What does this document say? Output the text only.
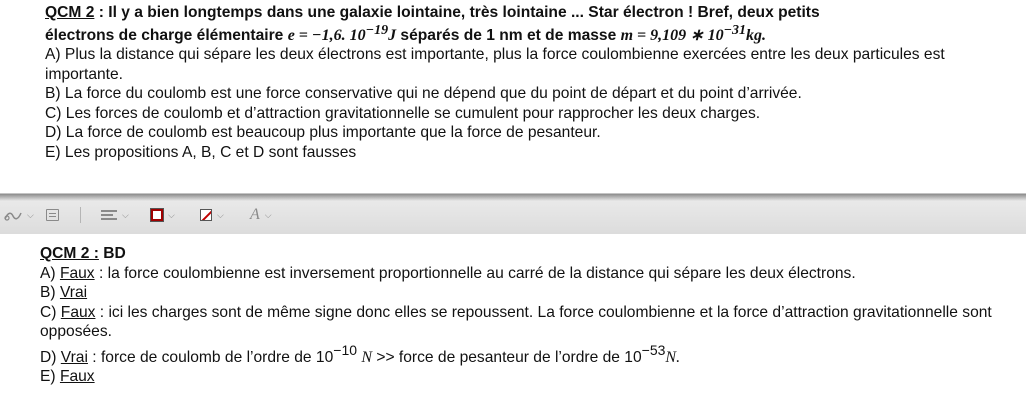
QCM 2 : Il y a bien longtemps dans une galaxie lointaine, très lointaine ... Star électron ! Bref, deux petits
électrons de charge élémentaire e = −1,6. $10^{-19}J$ séparés de 1 nm et de masse m = 9,109 ∗ $10^{-31}kg$.

A) Plus la distance qui sépare les deux électrons est importante, plus la force coulombienne exercées entre les deux particules est importante.

B) La force du coulomb est une force conservative qui ne dépend que du point de départ et du point d’arrivée.

C) Les forces de coulomb et d’attraction gravitationnelle se cumulent pour rapprocher les deux charges.

D) La force de coulomb est beaucoup plus importante que la force de pesanteur.

E) Les propositions A, B, C et D sont fausses

⌵	⌵	⌵	⌵ A ⌵
QCM 2 : BD
A) Faux : la force coulombienne est inversement proportionnelle au carré de la distance qui sépare les deux électrons.
B) Vrai
C) Faux : ici les charges sont de même signe donc elles se repoussent. La force coulombienne et la force d’attraction gravitationnelle sont opposées.
D) Vrai : force de coulomb de l’ordre de $10^{-10}$ N >> force de pesanteur de l’ordre de $10^{-53}N$.
E) Faux
